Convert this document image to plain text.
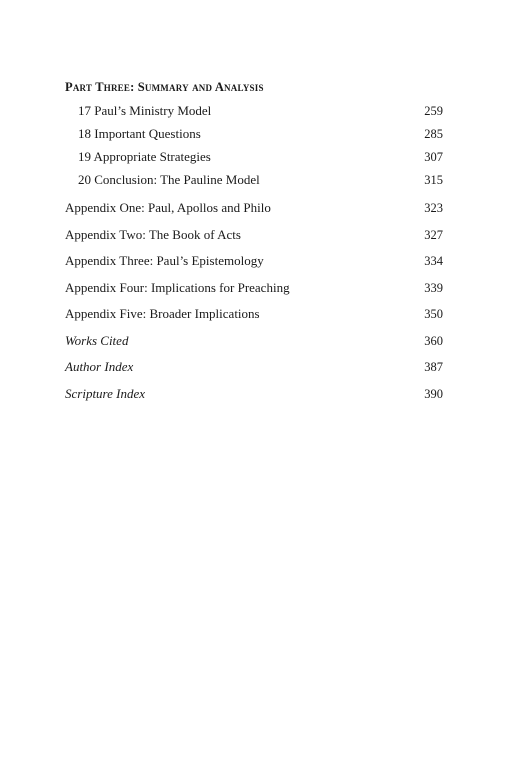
Part Three: Summary and Analysis
17 Paul’s Ministry Model	259
18 Important Questions	285
19 Appropriate Strategies	307
20 Conclusion: The Pauline Model	315
Appendix One: Paul, Apollos and Philo	323
Appendix Two: The Book of Acts	327
Appendix Three: Paul’s Epistemology	334
Appendix Four: Implications for Preaching	339
Appendix Five: Broader Implications	350
Works Cited	360
Author Index	387
Scripture Index	390
